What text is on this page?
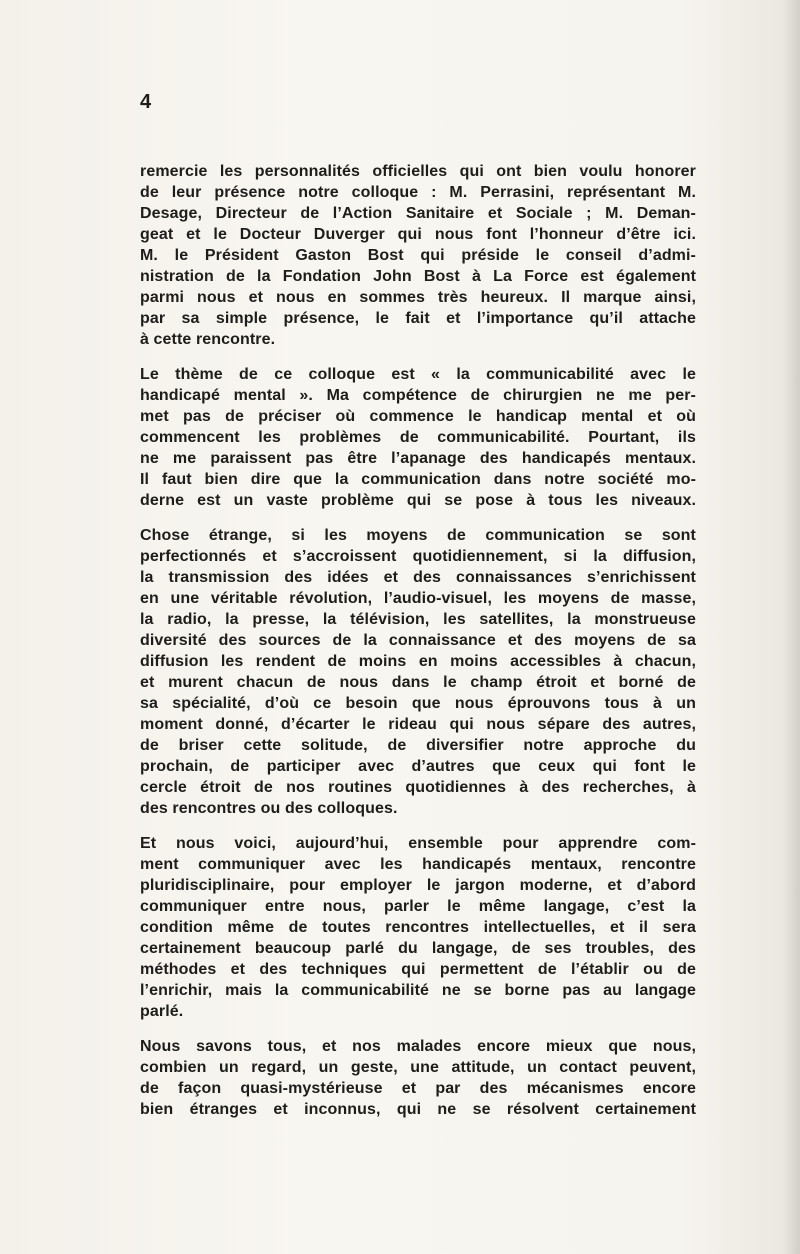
4

remercie les personnalités officielles qui ont bien voulu honorer
de leur présence notre colloque : M. Perrasini, représentant M.
Desage, Directeur de l’Action Sanitaire et Sociale ; M. Deman-
geat et le Docteur Duverger qui nous font l’honneur d’être ici.
M. le Président Gaston Bost qui préside le conseil d’admi-
nistration de la Fondation John Bost à La Force est également
parmi nous et nous en sommes très heureux. Il marque ainsi,
par sa simple présence, le fait et l’importance qu’il attache
à cette rencontre.

Le thème de ce colloque est « la communicabilité avec le
handicapé mental ». Ma compétence de chirurgien ne me per-
met pas de préciser où commence le handicap mental et où
commencent les problèmes de communicabilité. Pourtant, ils
ne me paraissent pas être l’apanage des handicapés mentaux.
Il faut bien dire que la communication dans notre société mo-
derne est un vaste problème qui se pose à tous les niveaux.

Chose étrange, si les moyens de communication se sont
perfectionnés et s’accroissent quotidiennement, si la diffusion,
la transmission des idées et des connaissances s’enrichissent
en une véritable révolution, l’audio-visuel, les moyens de masse,
la radio, la presse, la télévision, les satellites, la monstrueuse
diversité des sources de la connaissance et des moyens de sa
diffusion les rendent de moins en moins accessibles à chacun,
et murent chacun de nous dans le champ étroit et borné de
sa spécialité, d’où ce besoin que nous éprouvons tous à un
moment donné, d’écarter le rideau qui nous sépare des autres,
de briser cette solitude, de diversifier notre approche du
prochain, de participer avec d’autres que ceux qui font le
cercle étroit de nos routines quotidiennes à des recherches, à
des rencontres ou des colloques.

Et nous voici, aujourd’hui, ensemble pour apprendre com-
ment communiquer avec les handicapés mentaux, rencontre
pluridisciplinaire, pour employer le jargon moderne, et d’abord
communiquer entre nous, parler le même langage, c’est la
condition même de toutes rencontres intellectuelles, et il sera
certainement beaucoup parlé du langage, de ses troubles, des
méthodes et des techniques qui permettent de l’établir ou de
l’enrichir, mais la communicabilité ne se borne pas au langage
parlé.

Nous savons tous, et nos malades encore mieux que nous,
combien un regard, un geste, une attitude, un contact peuvent,
de façon quasi-mystérieuse et par des mécanismes encore
bien étranges et inconnus, qui ne se résolvent certainement
